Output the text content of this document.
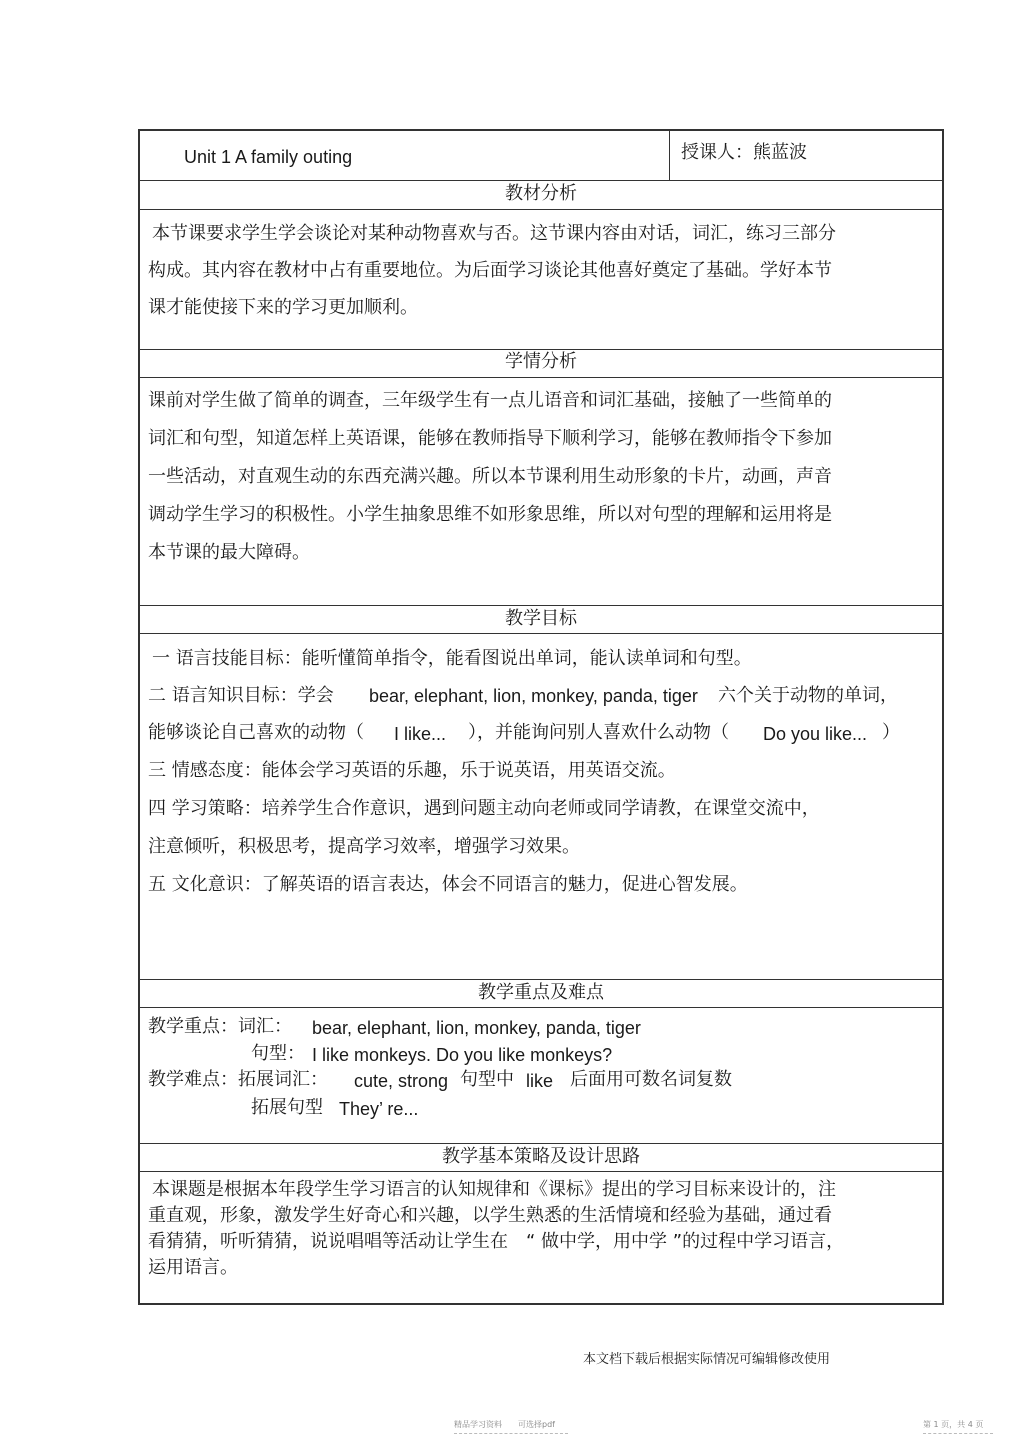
Unit 1 A family outing	授课人：熊蓝波
教材分析
本节课要求学生学会谈论对某种动物喜欢与否。这节课内容由对话，词汇，练习三部分
构成。其内容在教材中占有重要地位。为后面学习谈论其他喜好奠定了基础。学好本节
课才能使接下来的学习更加顺利。
学情分析
课前对学生做了简单的调查，三年级学生有一点儿语音和词汇基础，接触了一些简单的
词汇和句型，知道怎样上英语课，能够在教师指导下顺利学习，能够在教师指令下参加
一些活动，对直观生动的东西充满兴趣。所以本节课利用生动形象的卡片，动画，声音
调动学生学习的积极性。小学生抽象思维不如形象思维，所以对句型的理解和运用将是
本节课的最大障碍。
教学目标
一 语言技能目标：能听懂简单指令，能看图说出单词，能认读单词和句型。
二 语言知识目标：学会 bear, elephant, lion, monkey, panda, tiger 六个关于动物的单词，
能够谈论自己喜欢的动物（ I like... ），并能询问别人喜欢什么动物（ Do you like... ）
三 情感态度：能体会学习英语的乐趣，乐于说英语，用英语交流。
四 学习策略：培养学生合作意识，遇到问题主动向老师或同学请教，在课堂交流中，
注意倾听，积极思考，提高学习效率，增强学习效果。
五 文化意识：了解英语的语言表达，体会不同语言的魅力，促进心智发展。
教学重点及难点
教学重点：词汇： bear, elephant, lion, monkey, panda, tiger
句型： I like monkeys. Do you like monkeys?
教学难点：拓展词汇： cute, strong 句型中 like 后面用可数名词复数
拓展句型 They’ re...
教学基本策略及设计思路
本课题是根据本年段学生学习语言的认知规律和《课标》提出的学习目标来设计的，注
重直观，形象，激发学生好奇心和兴趣，以学生熟悉的生活情境和经验为基础，通过看
看猜猜，听听猜猜，说说唱唱等活动让学生在　“ 做中学，用中学 ”的过程中学习语言，
运用语言。
本文档下载后根据实际情况可编辑修改使用
精品学习资料　　可选择pdf	第 1 页，共 4 页
